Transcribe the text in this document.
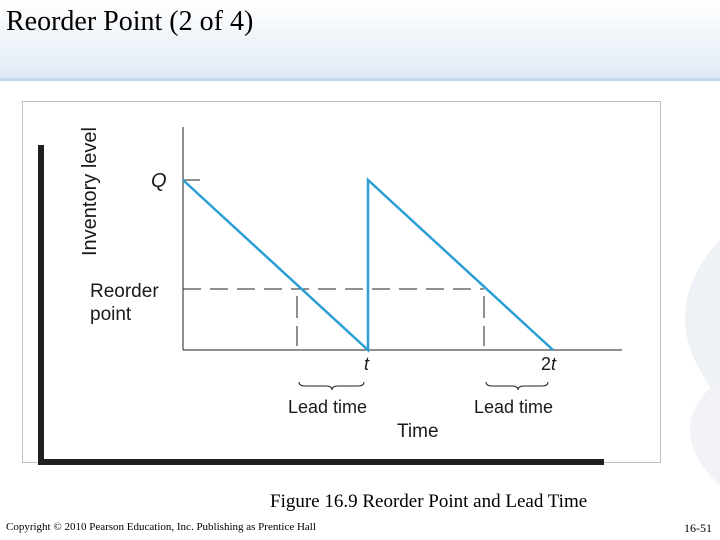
Reorder Point (2 of 4)
Inventory level	Q
Reorder
point
t	2t
Lead time	Lead time
Time
Figure 16.9 Reorder Point and Lead Time
Copyright © 2010 Pearson Education, Inc. Publishing as Prentice Hall	16-51
